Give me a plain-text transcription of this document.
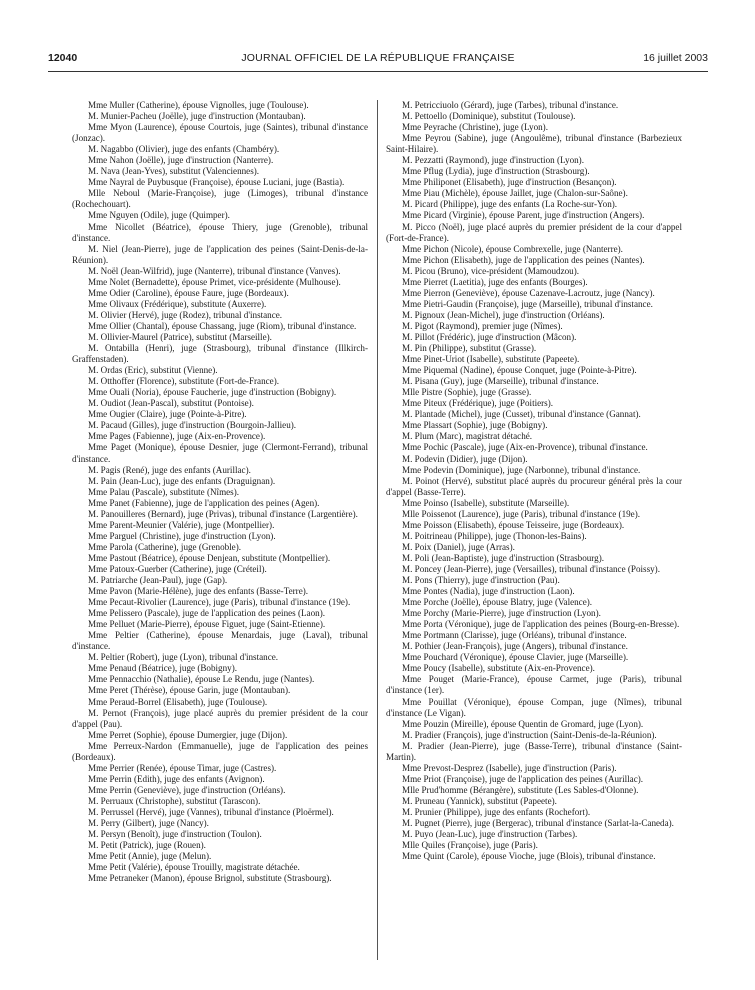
12040	JOURNAL OFFICIEL DE LA RÉPUBLIQUE FRANÇAISE	16 juillet 2003

Mme Muller (Catherine), épouse Vignolles, juge (Toulouse).

M. Munier-Pacheu (Joëlle), juge d'instruction (Montauban).

Mme Myon (Laurence), épouse Courtois, juge (Saintes), tribunal d'instance (Jonzac).

M. Nagabbo (Olivier), juge des enfants (Chambéry).

Mme Nahon (Joëlle), juge d'instruction (Nanterre).

M. Nava (Jean-Yves), substitut (Valenciennes).

Mme Nayral de Puybusque (Françoise), épouse Luciani, juge (Bastia).

Mlle Neboul (Marie-Françoise), juge (Limoges), tribunal d'instance (Rochechouart).

Mme Nguyen (Odile), juge (Quimper).

Mme Nicollet (Béatrice), épouse Thiery, juge (Grenoble), tribunal d'instance.

M. Niel (Jean-Pierre), juge de l'application des peines (Saint-Denis-de-la-Réunion).

M. Noël (Jean-Wilfrid), juge (Nanterre), tribunal d'instance (Vanves).

Mme Nolet (Bernadette), épouse Primet, vice-présidente (Mulhouse).

Mme Odier (Caroline), épouse Faure, juge (Bordeaux).

Mme Olivaux (Frédérique), substitute (Auxerre).

M. Olivier (Hervé), juge (Rodez), tribunal d'instance.

Mme Ollier (Chantal), épouse Chassang, juge (Riom), tribunal d'instance.

M. Ollivier-Maurel (Patrice), substitut (Marseille).

M. Ontabilla (Henri), juge (Strasbourg), tribunal d'instance (Illkirch-Graffenstaden).

M. Ordas (Eric), substitut (Vienne).

M. Otthoffer (Florence), substitute (Fort-de-France).

Mme Ouali (Noria), épouse Faucherie, juge d'instruction (Bobigny).

M. Oudiot (Jean-Pascal), substitut (Pontoise).

Mme Ougier (Claire), juge (Pointe-à-Pitre).

M. Pacaud (Gilles), juge d'instruction (Bourgoin-Jallieu).

Mme Pages (Fabienne), juge (Aix-en-Provence).

Mme Paget (Monique), épouse Desnier, juge (Clermont-Ferrand), tribunal d'instance.

M. Pagis (René), juge des enfants (Aurillac).

M. Pain (Jean-Luc), juge des enfants (Draguignan).

Mme Palau (Pascale), substitute (Nîmes).

Mme Panet (Fabienne), juge de l'application des peines (Agen).

M. Panouilleres (Bernard), juge (Privas), tribunal d'instance (Largentière).

Mme Parent-Meunier (Valérie), juge (Montpellier).

Mme Parguel (Christine), juge d'instruction (Lyon).

Mme Parola (Catherine), juge (Grenoble).

Mme Pastout (Béatrice), épouse Denjean, substitute (Montpellier).

Mme Patoux-Guerber (Catherine), juge (Créteil).

M. Patriarche (Jean-Paul), juge (Gap).

Mme Pavon (Marie-Hélène), juge des enfants (Basse-Terre).

Mme Pecaut-Rivolier (Laurence), juge (Paris), tribunal d'instance (19e).

Mme Pelissero (Pascale), juge de l'application des peines (Laon).

Mme Pelluet (Marie-Pierre), épouse Figuet, juge (Saint-Etienne).

Mme Peltier (Catherine), épouse Menardais, juge (Laval), tribunal d'instance.

M. Peltier (Robert), juge (Lyon), tribunal d'instance.

Mme Penaud (Béatrice), juge (Bobigny).

Mme Pennacchio (Nathalie), épouse Le Rendu, juge (Nantes).

Mme Peret (Thérèse), épouse Garin, juge (Montauban).

Mme Peraud-Borrel (Elisabeth), juge (Toulouse).

M. Pernot (François), juge placé auprès du premier président de la cour d'appel (Pau).

Mme Perret (Sophie), épouse Dumergier, juge (Dijon).

Mme Perreux-Nardon (Emmanuelle), juge de l'application des peines (Bordeaux).

Mme Perrier (Renée), épouse Timar, juge (Castres).

Mme Perrin (Edith), juge des enfants (Avignon).

Mme Perrin (Geneviève), juge d'instruction (Orléans).

M. Perruaux (Christophe), substitut (Tarascon).

M. Perrussel (Hervé), juge (Vannes), tribunal d'instance (Ploërmel).

M. Perry (Gilbert), juge (Nancy).

M. Persyn (Benoît), juge d'instruction (Toulon).

M. Petit (Patrick), juge (Rouen).

Mme Petit (Annie), juge (Melun).

Mme Petit (Valérie), épouse Trouilly, magistrate détachée.

Mme Petraneker (Manon), épouse Brignol, substitute (Strasbourg).

M. Petricciuolo (Gérard), juge (Tarbes), tribunal d'instance.

M. Pettoello (Dominique), substitut (Toulouse).

Mme Peyrache (Christine), juge (Lyon).

Mme Peyrou (Sabine), juge (Angoulême), tribunal d'instance (Barbezieux Saint-Hilaire).

M. Pezzatti (Raymond), juge d'instruction (Lyon).

Mme Pflug (Lydia), juge d'instruction (Strasbourg).

Mme Philiponet (Elisabeth), juge d'instruction (Besançon).

Mme Piau (Michèle), épouse Jaillet, juge (Chalon-sur-Saône).

M. Picard (Philippe), juge des enfants (La Roche-sur-Yon).

Mme Picard (Virginie), épouse Parent, juge d'instruction (Angers).

M. Picco (Noël), juge placé auprès du premier président de la cour d'appel (Fort-de-France).

Mme Pichon (Nicole), épouse Combrexelle, juge (Nanterre).

Mme Pichon (Elisabeth), juge de l'application des peines (Nantes).

M. Picou (Bruno), vice-président (Mamoudzou).

Mme Pierret (Laetitia), juge des enfants (Bourges).

Mme Pierron (Geneviève), épouse Cazenave-Lacroutz, juge (Nancy).

Mme Pietri-Gaudin (Françoise), juge (Marseille), tribunal d'instance.

M. Pignoux (Jean-Michel), juge d'instruction (Orléans).

M. Pigot (Raymond), premier juge (Nîmes).

M. Pillot (Frédéric), juge d'instruction (Mâcon).

M. Pin (Philippe), substitut (Grasse).

Mme Pinet-Uriot (Isabelle), substitute (Papeete).

Mme Piquemal (Nadine), épouse Conquet, juge (Pointe-à-Pitre).

M. Pisana (Guy), juge (Marseille), tribunal d'instance.

Mlle Pistre (Sophie), juge (Grasse).

Mme Piteux (Frédérique), juge (Poitiers).

M. Plantade (Michel), juge (Cusset), tribunal d'instance (Gannat).

Mme Plassart (Sophie), juge (Bobigny).

M. Plum (Marc), magistrat détaché.

Mme Pochic (Pascale), juge (Aix-en-Provence), tribunal d'instance.

M. Podevin (Didier), juge (Dijon).

Mme Podevin (Dominique), juge (Narbonne), tribunal d'instance.

M. Poinot (Hervé), substitut placé auprès du procureur général près la cour d'appel (Basse-Terre).

Mme Poinso (Isabelle), substitute (Marseille).

Mlle Poissenot (Laurence), juge (Paris), tribunal d'instance (19e).

Mme Poisson (Elisabeth), épouse Teisseire, juge (Bordeaux).

M. Poitrineau (Philippe), juge (Thonon-les-Bains).

M. Poix (Daniel), juge (Arras).

M. Poli (Jean-Baptiste), juge d'instruction (Strasbourg).

M. Poncey (Jean-Pierre), juge (Versailles), tribunal d'instance (Poissy).

M. Pons (Thierry), juge d'instruction (Pau).

Mme Pontes (Nadia), juge d'instruction (Laon).

Mme Porche (Joëlle), épouse Blatry, juge (Valence).

Mme Porchy (Marie-Pierre), juge d'instruction (Lyon).

Mme Porta (Véronique), juge de l'application des peines (Bourg-en-Bresse).

Mme Portmann (Clarisse), juge (Orléans), tribunal d'instance.

M. Pothier (Jean-François), juge (Angers), tribunal d'instance.

Mme Pouchard (Véronique), épouse Clavier, juge (Marseille).

Mme Poucy (Isabelle), substitute (Aix-en-Provence).

Mme Pouget (Marie-France), épouse Carmet, juge (Paris), tribunal d'instance (1er).

Mme Pouillat (Véronique), épouse Compan, juge (Nîmes), tribunal d'instance (Le Vigan).

Mme Pouzin (Mireille), épouse Quentin de Gromard, juge (Lyon).

M. Pradier (François), juge d'instruction (Saint-Denis-de-la-Réunion).

M. Pradier (Jean-Pierre), juge (Basse-Terre), tribunal d'instance (Saint-Martin).

Mme Prevost-Desprez (Isabelle), juge d'instruction (Paris).

Mme Priot (Françoise), juge de l'application des peines (Aurillac).

Mlle Prud'homme (Bérangère), substitute (Les Sables-d'Olonne).

M. Pruneau (Yannick), substitut (Papeete).

M. Prunier (Philippe), juge des enfants (Rochefort).

M. Pugnet (Pierre), juge (Bergerac), tribunal d'instance (Sarlat-la-Caneda).

M. Puyo (Jean-Luc), juge d'instruction (Tarbes).

Mlle Quiles (Françoise), juge (Paris).

Mme Quint (Carole), épouse Vioche, juge (Blois), tribunal d'instance.
